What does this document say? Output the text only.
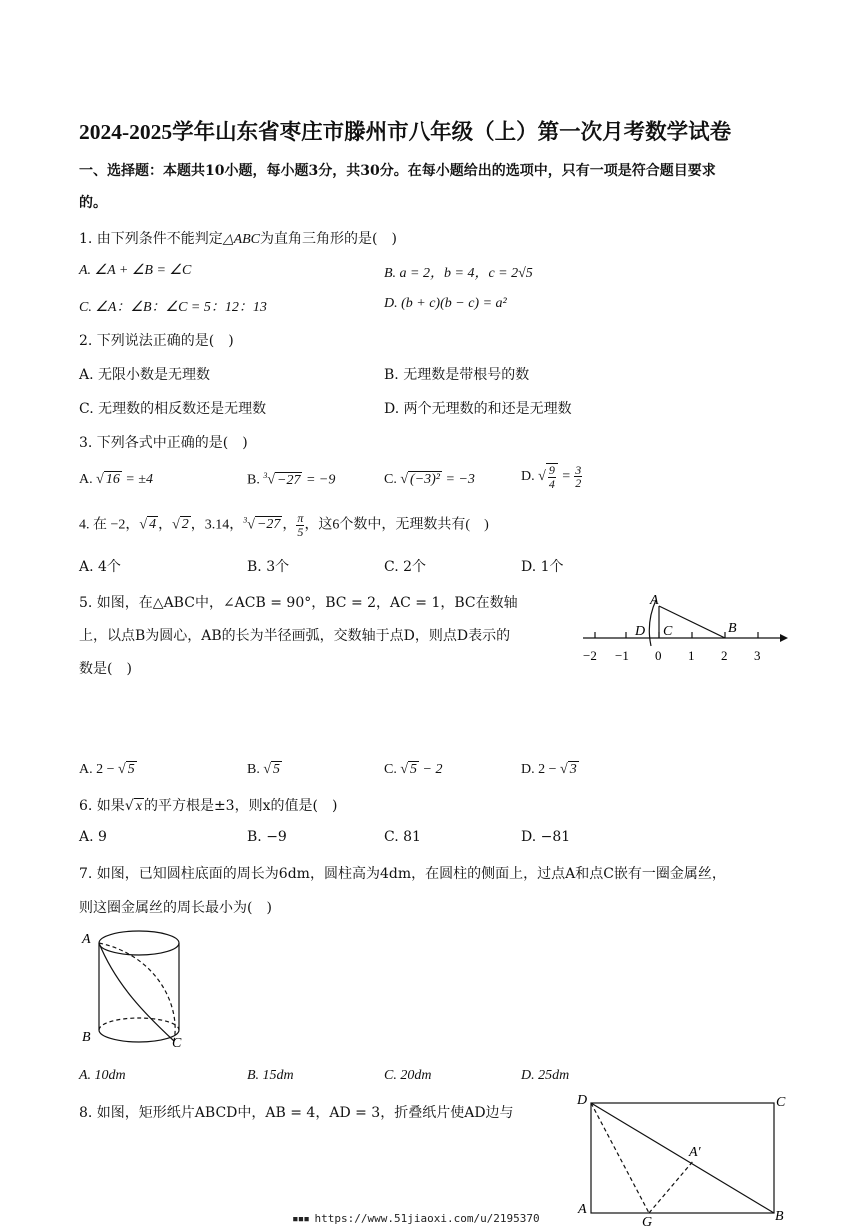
2024-2025学年山东省枣庄市滕州市八年级（上）第一次月考数学试卷
一、选择题：本题共10小题，每小题3分，共30分。在每小题给出的选项中，只有一项是符合题目要求
的。
1. 由下列条件不能判定△ABC为直角三角形的是(　)
A. ∠A + ∠B = ∠C	B. a = 2，b = 4，c = 2√5
C. ∠A：∠B：∠C = 5：12：13	D. (b + c)(b − c) = a²
2. 下列说法正确的是(　)
A. 无限小数是无理数	B. 无理数是带根号的数
C. 无理数的相反数还是无理数	D. 两个无理数的和还是无理数
3. 下列各式中正确的是(　)
A. √ 16 = ±4	B. $^3$√ −27 = −9	C. √ (−3)² = −3	D. √ $\frac{9}{4} = \frac{3}{2}$
4. 在 −2，√ 4 ，√ 2 ，3.14，$^3$√ −27 ， $\frac{\pi}{5}$ ，这6个数中，无理数共有(　)
A. 4个	B. 3个	C. 2个	D. 1个
5. 如图，在△ABC中，∠ACB = 90°，BC = 2，AC = 1，BC在数轴
上，以点B为圆心，AB的长为半径画弧，交数轴于点D，则点D表示的
数是(　)
A
D C	B
−2 −1 0 1 2 3
A. 2 − √ 5	B. √ 5	C. √ 5 − 2	D. 2 − √ 3
6. 如果√ x 的平方根是±3，则x的值是(　)
A. 9	B. −9	C. 81	D. −81
7. 如图，已知圆柱底面的周长为6dm，圆柱高为4dm，在圆柱的侧面上，过点A和点C嵌有一圈金属丝，
则这圈金属丝的周长最小为(　)
A
B	C
A. 10dm	B. 15dm	C. 20dm	D. 25dm
8. 如图，矩形纸片ABCD中，AB = 4，AD = 3，折叠纸片使AD边与
D	C
A′
A
G	B
▪▪▪ https://www.51jiaoxi.com/u/2195370
